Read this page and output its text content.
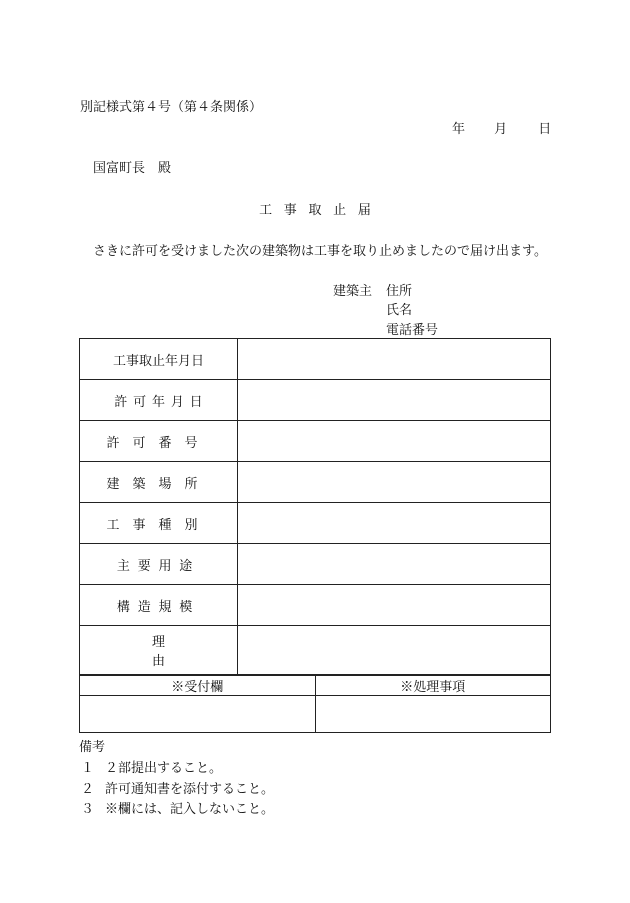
別記様式第４号（第４条関係）
年 月 日
国富町長　殿
工事取止届
さきに許可を受けました次の建築物は工事を取り止めましたので届け出ます。
建築主 住所
氏名
電話番号
工事取止年月日	
許可年月日	
許可番号	
建築場所	
工事種別	
主要用途	
構造規模	
理由	
※受付欄	※処理事項

備考
１ ２部提出すること。
２ 許可通知書を添付すること。
３ ※欄には、記入しないこと。
